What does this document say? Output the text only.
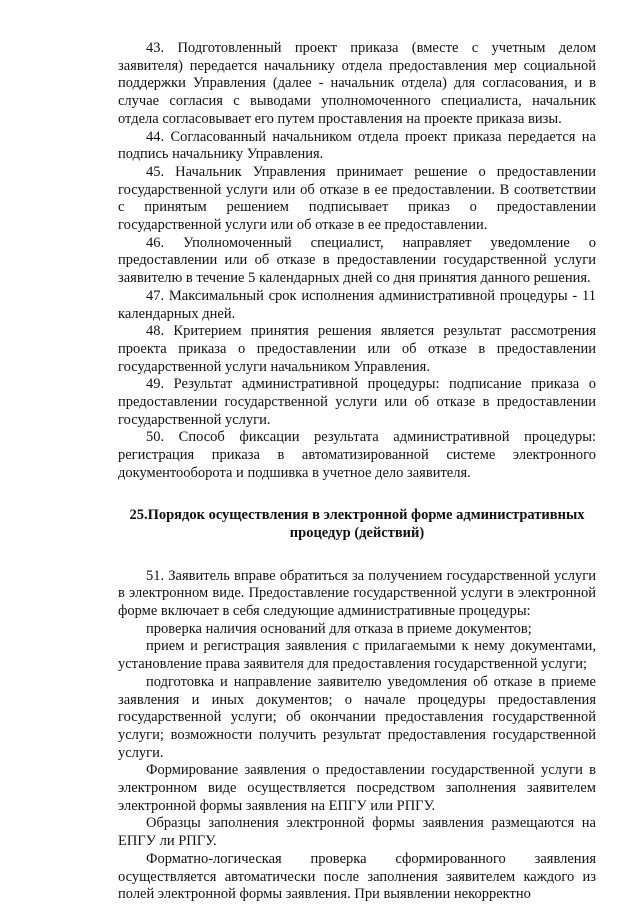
43. Подготовленный проект приказа (вместе с учетным делом заявителя) передается начальнику отдела предоставления мер социальной поддержки Управления (далее - начальник отдела) для согласования, и в случае согласия с выводами уполномоченного специалиста, начальник отдела согласовывает его путем проставления на проекте приказа визы.

44. Согласованный начальником отдела проект приказа передается на подпись начальнику Управления.

45. Начальник Управления принимает решение о предоставлении государственной услуги или об отказе в ее предоставлении. В соответствии с принятым решением подписывает приказ о предоставлении государственной услуги или об отказе в ее предоставлении.

46. Уполномоченный специалист, направляет уведомление о предоставлении или об отказе в предоставлении государственной услуги заявителю в течение 5 календарных дней со дня принятия данного решения.

47. Максимальный срок исполнения административной процедуры - 11 календарных дней.

48. Критерием принятия решения является результат рассмотрения проекта приказа о предоставлении или об отказе в предоставлении государственной услуги начальником Управления.

49. Результат административной процедуры: подписание приказа о предоставлении государственной услуги или об отказе в предоставлении государственной услуги.

50. Способ фиксации результата административной процедуры: регистрация приказа в автоматизированной системе электронного документооборота и подшивка в учетное дело заявителя.

25.Порядок осуществления в электронной форме административных процедур (действий)

51. Заявитель вправе обратиться за получением государственной услуги в электронном виде. Предоставление государственной услуги в электронной форме включает в себя следующие административные процедуры:

проверка наличия оснований для отказа в приеме документов;

прием и регистрация заявления с прилагаемыми к нему документами, установление права заявителя для предоставления государственной услуги;

подготовка и направление заявителю уведомления об отказе в приеме заявления и иных документов; о начале процедуры предоставления государственной услуги; об окончании предоставления государственной услуги; возможности получить результат предоставления государственной услуги.

Формирование заявления о предоставлении государственной услуги в электронном виде осуществляется посредством заполнения заявителем электронной формы заявления на ЕПГУ или РПГУ.

Образцы заполнения электронной формы заявления размещаются на ЕПГУ ли РПГУ.

Форматно-логическая проверка сформированного заявления осуществляется автоматически после заполнения заявителем каждого из полей электронной формы заявления. При выявлении некорректно
